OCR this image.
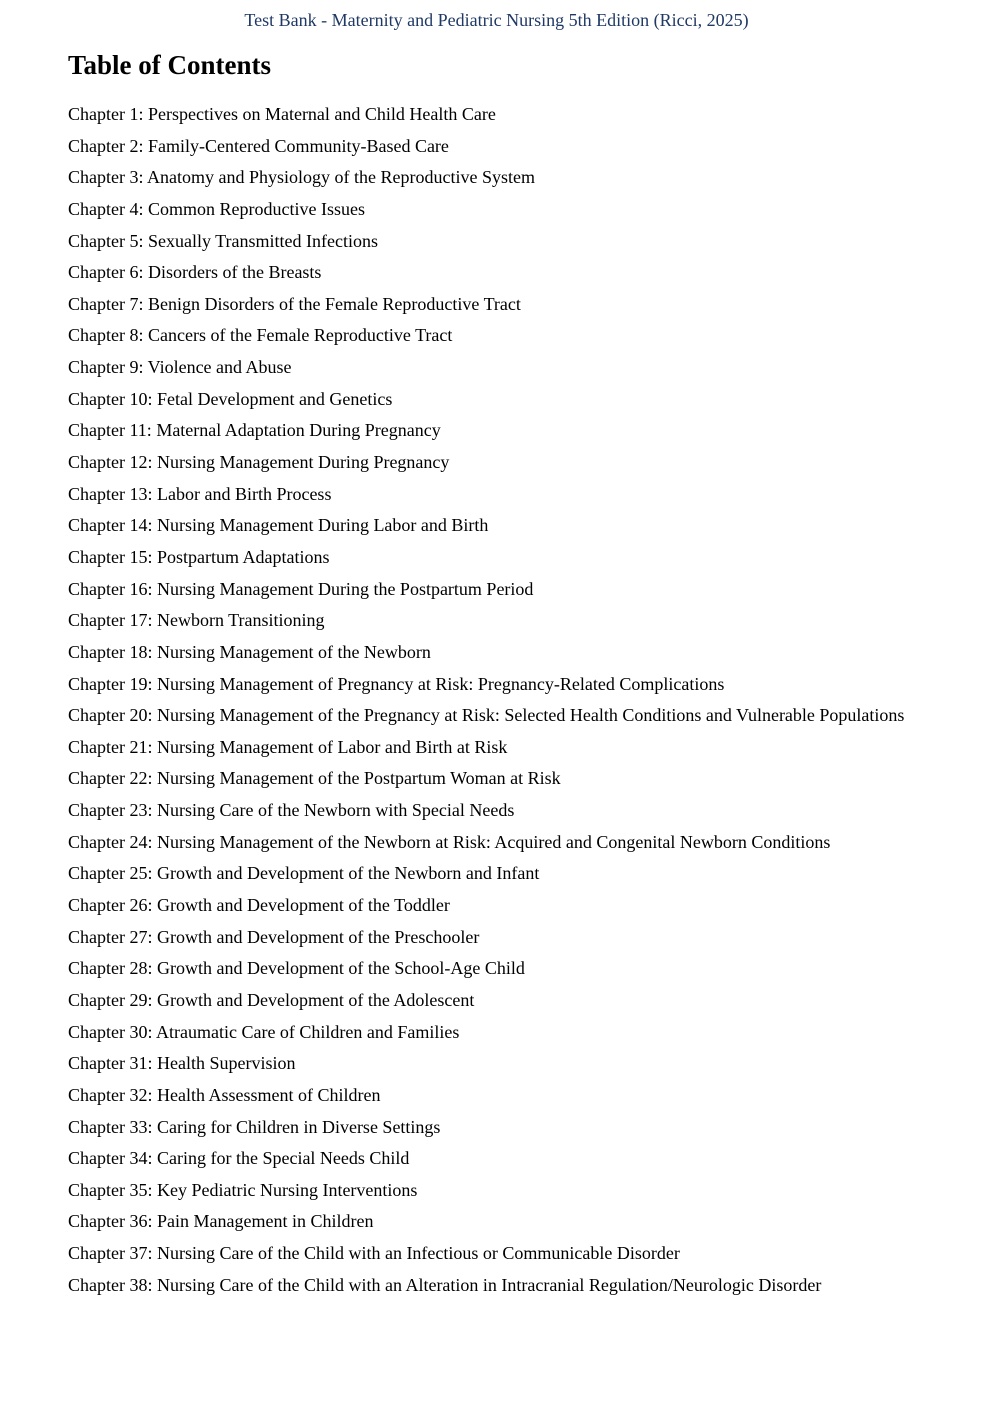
Test Bank - Maternity and Pediatric Nursing 5th Edition (Ricci, 2025)
Table of Contents
Chapter 1: Perspectives on Maternal and Child Health Care
Chapter 2: Family-Centered Community-Based Care
Chapter 3: Anatomy and Physiology of the Reproductive System
Chapter 4: Common Reproductive Issues
Chapter 5: Sexually Transmitted Infections
Chapter 6: Disorders of the Breasts
Chapter 7: Benign Disorders of the Female Reproductive Tract
Chapter 8: Cancers of the Female Reproductive Tract
Chapter 9: Violence and Abuse
Chapter 10: Fetal Development and Genetics
Chapter 11: Maternal Adaptation During Pregnancy
Chapter 12: Nursing Management During Pregnancy
Chapter 13: Labor and Birth Process
Chapter 14: Nursing Management During Labor and Birth
Chapter 15: Postpartum Adaptations
Chapter 16: Nursing Management During the Postpartum Period
Chapter 17: Newborn Transitioning
Chapter 18: Nursing Management of the Newborn
Chapter 19: Nursing Management of Pregnancy at Risk: Pregnancy-Related Complications
Chapter 20: Nursing Management of the Pregnancy at Risk: Selected Health Conditions and Vulnerable Populations
Chapter 21: Nursing Management of Labor and Birth at Risk
Chapter 22: Nursing Management of the Postpartum Woman at Risk
Chapter 23: Nursing Care of the Newborn with Special Needs
Chapter 24: Nursing Management of the Newborn at Risk: Acquired and Congenital Newborn Conditions
Chapter 25: Growth and Development of the Newborn and Infant
Chapter 26: Growth and Development of the Toddler
Chapter 27: Growth and Development of the Preschooler
Chapter 28: Growth and Development of the School-Age Child
Chapter 29: Growth and Development of the Adolescent
Chapter 30: Atraumatic Care of Children and Families
Chapter 31: Health Supervision
Chapter 32: Health Assessment of Children
Chapter 33: Caring for Children in Diverse Settings
Chapter 34: Caring for the Special Needs Child
Chapter 35: Key Pediatric Nursing Interventions
Chapter 36: Pain Management in Children
Chapter 37: Nursing Care of the Child with an Infectious or Communicable Disorder
Chapter 38: Nursing Care of the Child with an Alteration in Intracranial Regulation/Neurologic Disorder
